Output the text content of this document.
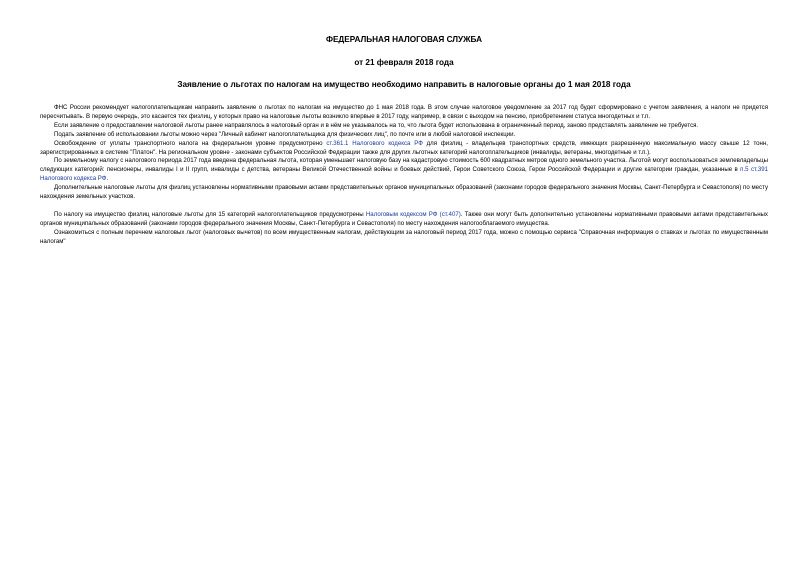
ФЕДЕРАЛЬНАЯ НАЛОГОВАЯ СЛУЖБА

от 21 февраля 2018 года

Заявление о льготах по налогам на имущество необходимо направить в налоговые органы до 1 мая 2018 года

ФНС России рекомендует налогоплательщикам направить заявление о льготах по налогам на имущество до 1 мая 2018 года. В этом случае налоговое уведомление за 2017 год будет сформировано с учетом заявления, а налоги не придется пересчитывать. В первую очередь, это касается тех физлиц, у которых право на налоговые льготы возникло впервые в 2017 году, например, в связи с выходом на пенсию, приобретением статуса многодетных и т.п.

Если заявление о предоставлении налоговой льготы ранее направлялось в налоговый орган и в нём не указывалось на то, что льгота будет использована в ограниченный период, заново представлять заявление не требуется.

Подать заявление об использовании льготы можно через "Личный кабинет налогоплательщика для физических лиц", по почте или в любой налоговой инспекции.

Освобождение от уплаты транспортного налога на федеральном уровне предусмотрено ст.361.1 Налогового кодекса РФ для физлиц - владельцев транспортных средств, имеющих разрешенную максимальную массу свыше 12 тонн, зарегистрированных в системе "Платон". На региональном уровне - законами субъектов Российской Федерации также для других льготных категорий налогоплательщиков (инвалиды, ветераны, многодетные и т.п.).

По земельному налогу с налогового периода 2017 года введена федеральная льгота, которая уменьшает налоговую базу на кадастровую стоимость 600 квадратных метров одного земельного участка. Льготой могут воспользоваться землевладельцы следующих категорий: пенсионеры, инвалиды I и II групп, инвалиды с детства, ветераны Великой Отечественной войны и боевых действий, Герои Советского Союза, Герои Российской Федерации и другие категории граждан, указанные в п.5 ст.391 Налогового кодекса РФ.

Дополнительные налоговые льготы для физлиц установлены нормативными правовыми актами представительных органов муниципальных образований (законами городов федерального значения Москвы, Санкт-Петербурга и Севастополя) по месту нахождения земельных участков.

По налогу на имущество физлиц налоговые льготы для 15 категорий налогоплательщиков предусмотрены Налоговым кодексом РФ (ст.407). Также они могут быть дополнительно установлены нормативными правовыми актами представительных органов муниципальных образований (законами городов федерального значения Москвы, Санкт-Петербурга и Севастополя) по месту нахождения налогооблагаемого имущества.

Ознакомиться с полным перечнем налоговых льгот (налоговых вычетов) по всем имущественным налогам, действующим за налоговый период 2017 года, можно с помощью сервиса "Справочная информация о ставках и льготах по имущественным налогам"
